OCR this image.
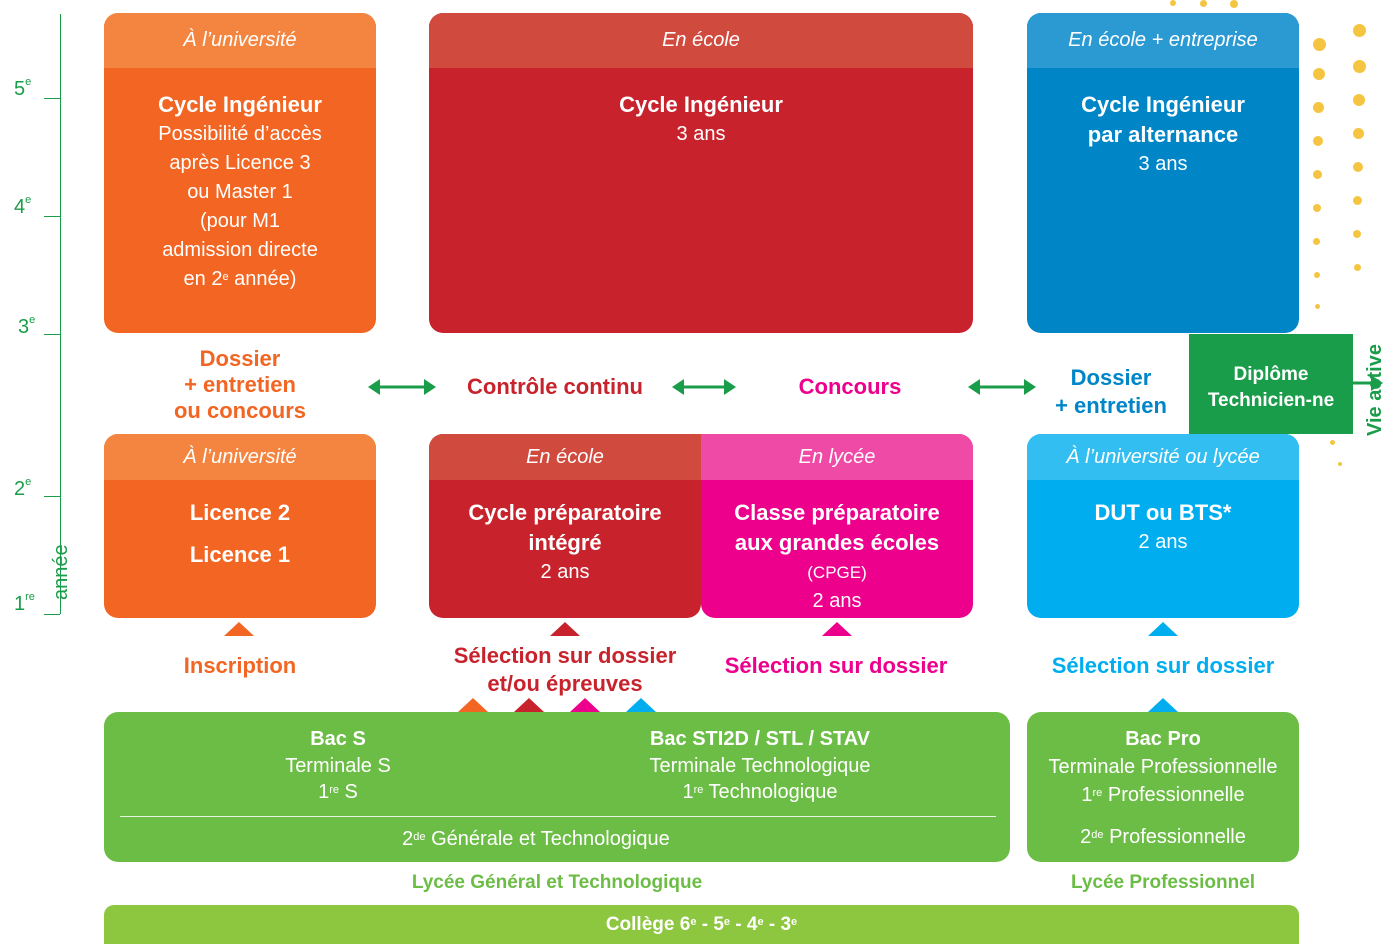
5e
4e
3e
2e
1re année
À l’université
Cycle Ingénieur
Possibilité d’accès
après Licence 3
ou Master 1
(pour M1
admission directe
en 2e année)
En école
Cycle Ingénieur
3 ans
En école + entreprise
Cycle Ingénieur
par alternance
3 ans
Dossier
+ entretien
ou concours
Contrôle continu	Concours	Dossier
+ entretien
Diplôme
Technicien-ne
Vie active
À l’université
Licence 2
Licence 1
En école
Cycle préparatoire
intégré
2 ans
En lycée
Classe préparatoire
aux grandes écoles
(CPGE)
2 ans
À l’université ou lycée
DUT ou BTS*
2 ans
Inscription	Sélection sur dossier
et/ou épreuves
Sélection sur dossier	Sélection sur dossier
Bac S
Terminale S
1re S
Bac STI2D / STL / STAV
Terminale Technologique
1re Technologique
2de Générale et Technologique
Lycée Général et Technologique
Bac Pro
Terminale Professionnelle
1re Professionnelle
2de Professionnelle
Lycée Professionnel
Collège 6e - 5e - 4e - 3e
